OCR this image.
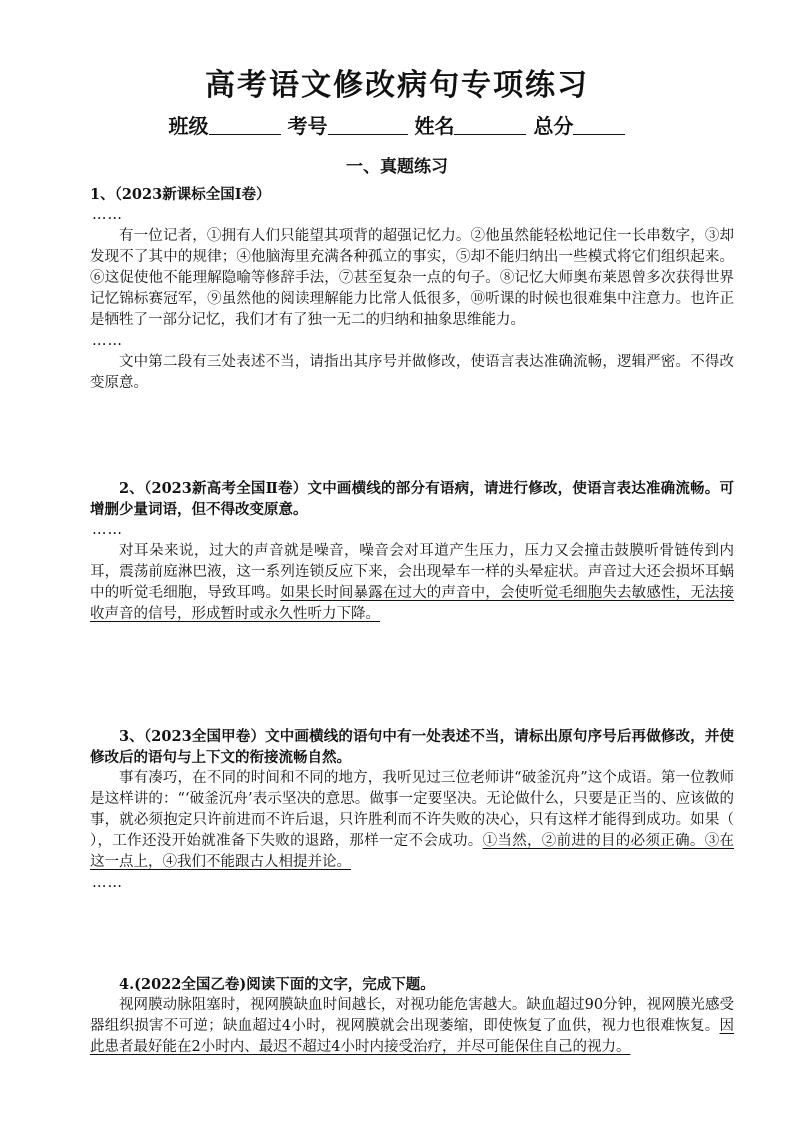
高考语文修改病句专项练习
班级	考号	姓名	总分
一、真题练习

1、（2023新课标全国Ⅰ卷）

……

有一位记者，①拥有人们只能望其项背的超强记忆力。②他虽然能轻松地记住一长串数字，③却发现不了其中的规律；④他脑海里充满各种孤立的事实，⑤却不能归纳出一些模式将它们组织起来。⑥这促使他不能理解隐喻等修辞手法，⑦甚至复杂一点的句子。⑧记忆大师奥布莱恩曾多次获得世界记忆锦标赛冠军，⑨虽然他的阅读理解能力比常人低很多，⑩听课的时候也很难集中注意力。也许正是牺牲了一部分记忆，我们才有了独一无二的归纳和抽象思维能力。

……

文中第二段有三处表述不当，请指出其序号并做修改，使语言表达准确流畅，逻辑严密。不得改变原意。

2、（2023新高考全国Ⅱ卷）文中画横线的部分有语病，请进行修改，使语言表达准确流畅。可增删少量词语，但不得改变原意。

……

对耳朵来说，过大的声音就是噪音，噪音会对耳道产生压力，压力又会撞击鼓膜听骨链传到内耳，震荡前庭淋巴液，这一系列连锁反应下来，会出现晕车一样的头晕症状。声音过大还会损坏耳蜗中的听觉毛细胞，导致耳鸣。如果长时间暴露在过大的声音中，会使听觉毛细胞失去敏感性，无法接收声音的信号，形成暂时或永久性听力下降。

3、（2023全国甲卷）文中画横线的语句中有一处表述不当，请标出原句序号后再做修改，并使修改后的语句与上下文的衔接流畅自然。

事有凑巧，在不同的时间和不同的地方，我听见过三位老师讲“破釜沉舟”这个成语。第一位教师是这样讲的：“‘破釜沉舟’表示坚决的意思。做事一定要坚决。无论做什么，只要是正当的、应该做的事，就必须抱定只许前进而不许后退，只许胜利而不许失败的决心，只有这样才能得到成功。如果（ ），工作还没开始就准备下失败的退路，那样一定不会成功。①当然，②前进的目的必须正确。③在这一点上，④我们不能跟古人相提并论。

……

4.(2022全国乙卷)阅读下面的文字，完成下题。

视网膜动脉阻塞时，视网膜缺血时间越长，对视功能危害越大。缺血超过90分钟，视网膜光感受器组织损害不可逆；缺血超过4小时，视网膜就会出现萎缩，即使恢复了血供，视力也很难恢复。因此患者最好能在2小时内、最迟不超过4小时内接受治疗，并尽可能保住自己的视力。
